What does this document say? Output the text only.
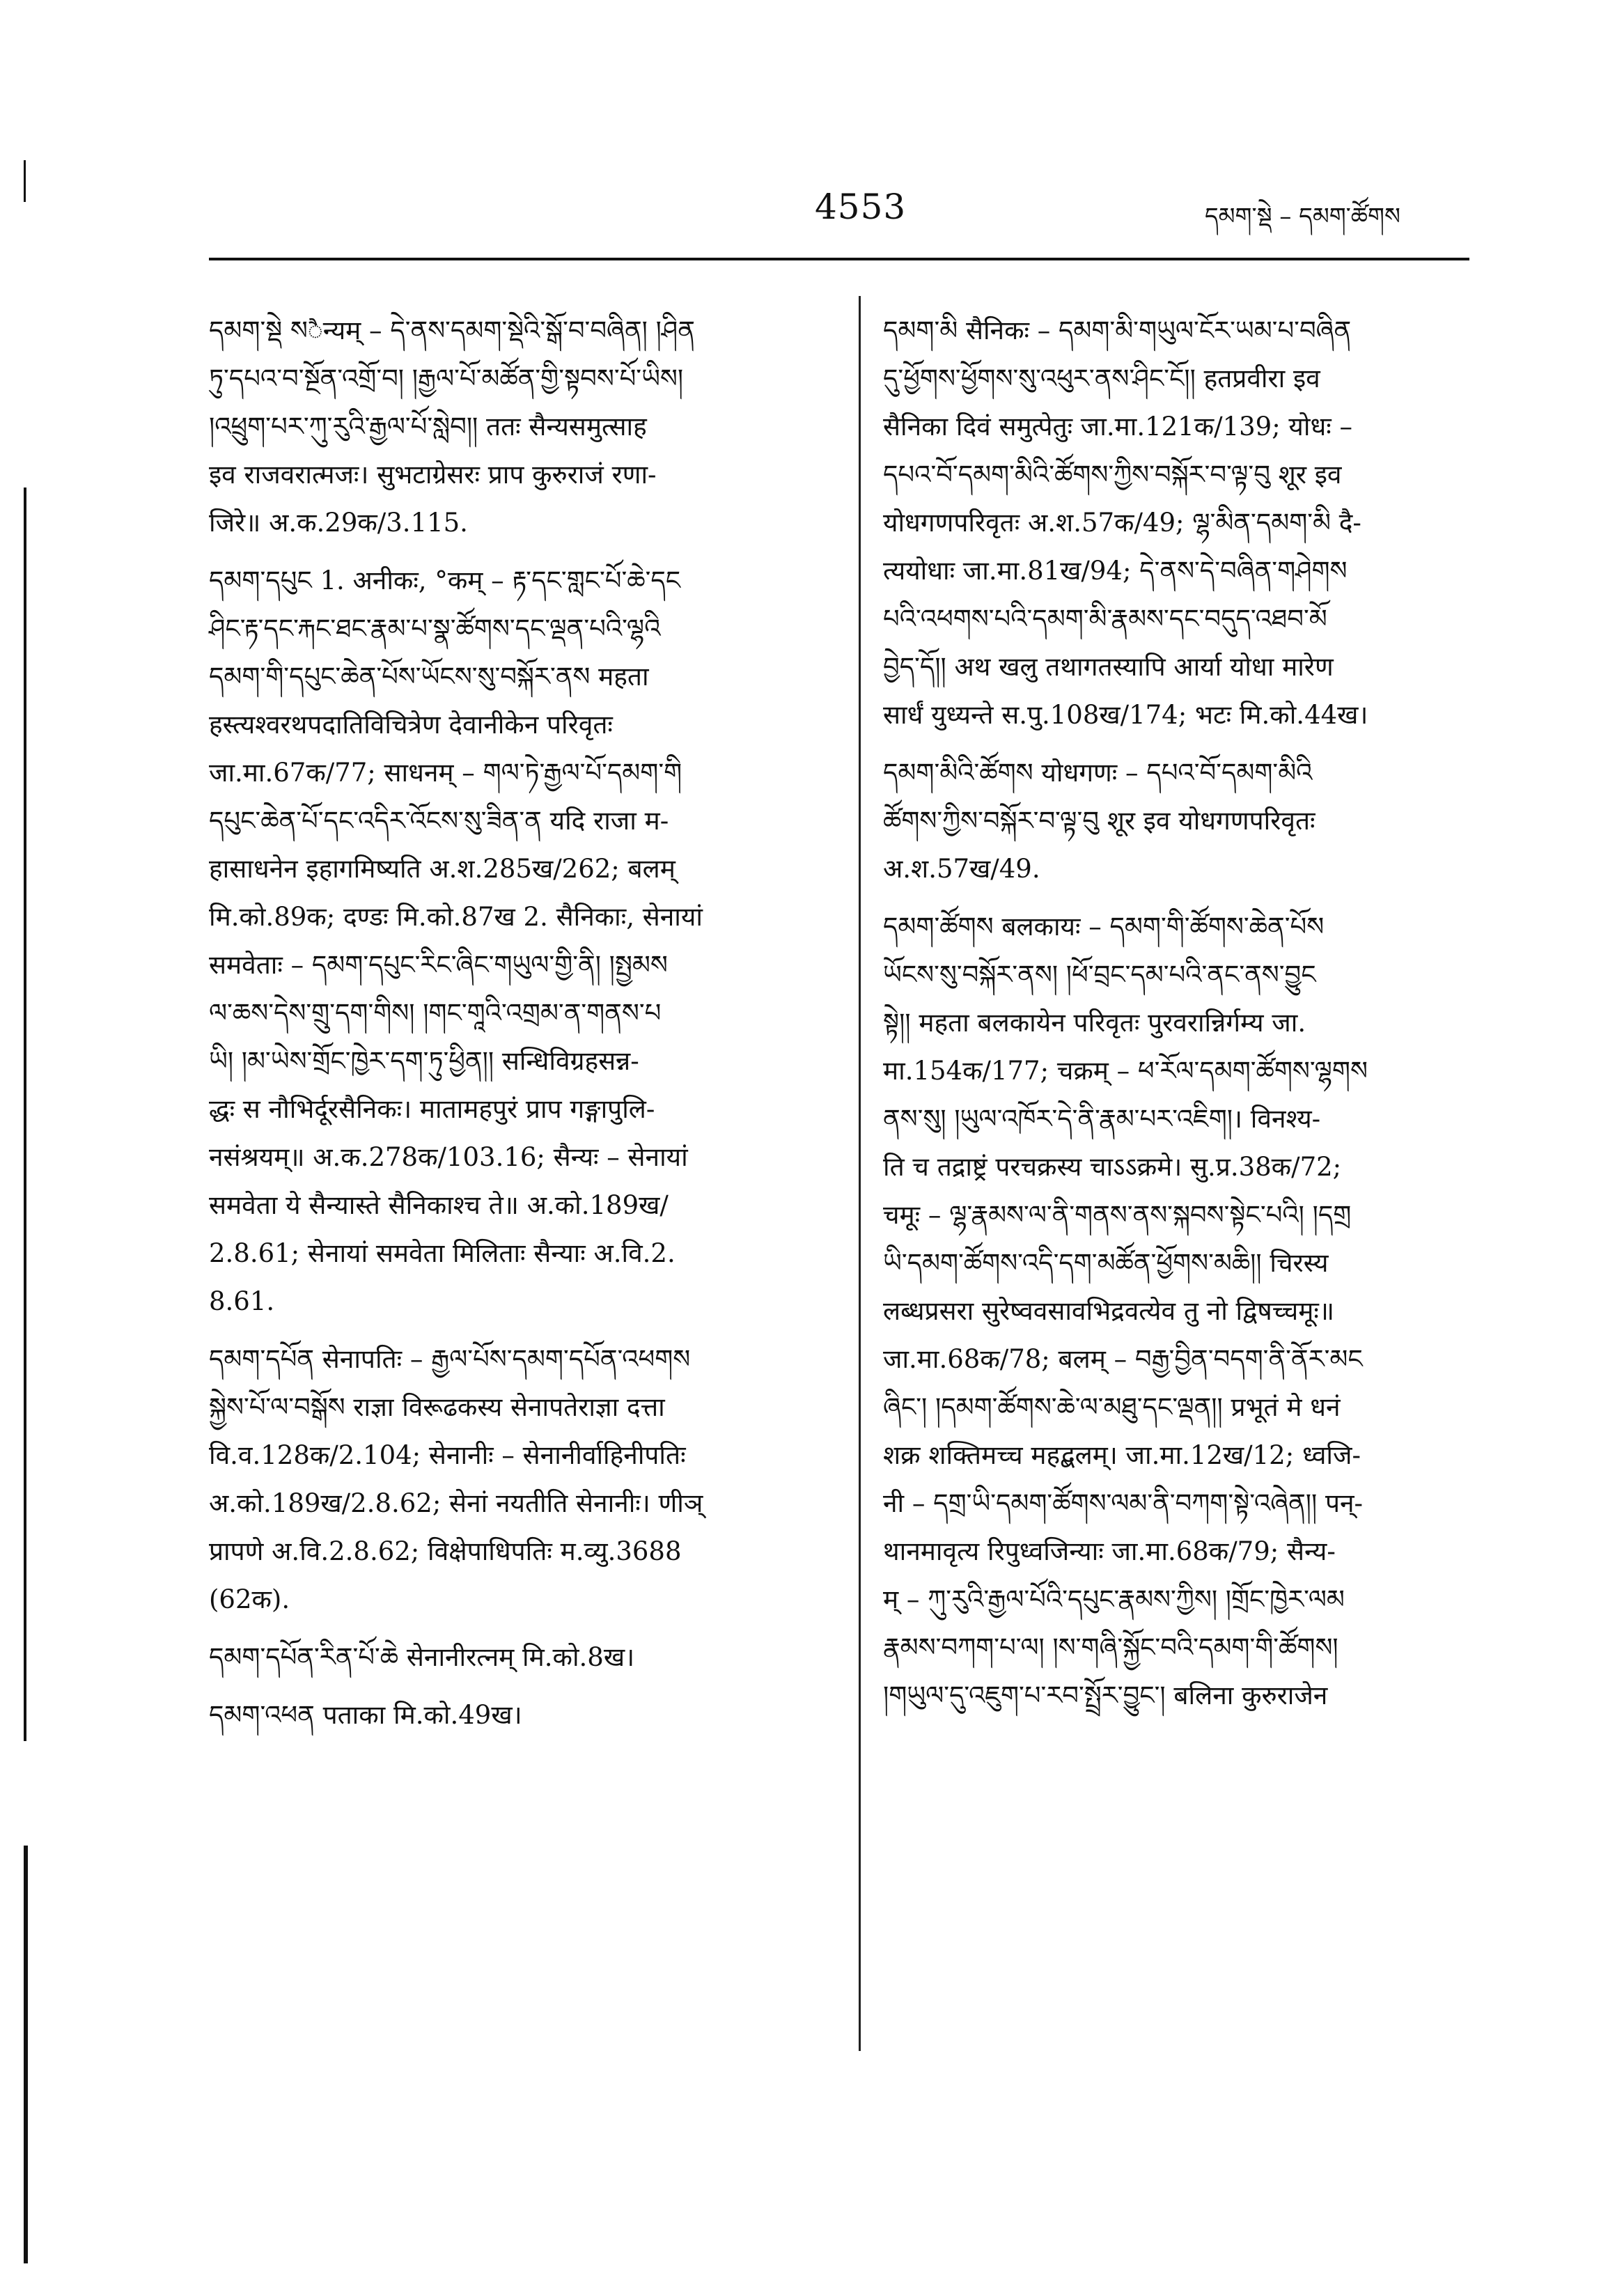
4553	དམག་སྡེ – དམག་ཚོགས
དམག་སྡེ སैन्यम् – དེ་ནས་དམག་སྡེའི་སྒོ་བ་བཞིན། །ཤིན
ཏུ་དཔའ་བ་སྔོན་འགྲོ་བ། །རྒྱལ་པོ་མཚོན་གྱི་སྟབས་པོ་ཡིས།
།འཕྲུག་པར་ཀུ་རུའི་རྒྱལ་པོ་སླེབ།། ततः सैन्यसमुत्साह
इव राजवरात्मजः। सुभटाग्रेसरः प्राप कुरुराजं रणा-
जिरे॥ अ.क.29क/3.115.
དམག་དཔུང 1. अनीकः, °कम् – རྟ་དང་གླང་པོ་ཆེ་དང
ཤིང་རྟ་དང་རྐང་ཐང་རྣམ་པ་སྣ་ཚོགས་དང་ལྡན་པའི་ལྷའི
དམག་གི་དཔུང་ཆེན་པོས་ཡོངས་སུ་བསྐོར་ནས महता
हस्त्यश्वरथपदातिविचित्रेण देवानीकेन परिवृतः
जा.मा.67क/77; साधनम् – གལ་ཏེ་རྒྱལ་པོ་དམག་གི
དཔུང་ཆེན་པོ་དང་འདིར་འོངས་སུ་ཟིན་ན यदि राजा म-
हासाधनेन इहागमिष्यति अ.श.285ख/262; बलम्
मि.को.89क; दण्डः मि.को.87ख 2. सैनिकाः, सेनायां
समवेताः – དམག་དཔུང་རིང་ཞིང་གཡུལ་གྱི་ནི། །སྤྱམས
ལ་ཆས་དེས་གྲུ་དག་གིས། །གང་གཱའི་འགྲམ་ན་གནས་པ
ཡི། །མ་ཡེས་གྲོང་ཁྱེར་དག་ཏུ་ཕྱིན།། सन्धिविग्रहसन्न-
द्धः स नौभिर्दूरसैनिकः। मातामहपुरं प्राप गङ्गापुलि-
नसंश्रयम्॥ अ.क.278क/103.16; सैन्यः – सेनायां
समवेता ये सैन्यास्ते सैनिकाश्च ते॥ अ.को.189ख/
2.8.61; सेनायां समवेता मिलिताः सैन्याः अ.वि.2.
8.61.
དམག་དཔོན सेनापतिः – རྒྱལ་པོས་དམག་དཔོན་འཕགས
སྐྱེས་པོ་ལ་བསྒོས राज्ञा विरूढकस्य सेनापतेराज्ञा दत्ता
वि.व.128क/2.104; सेनानीः – सेनानीर्वाहिनीपतिः
अ.को.189ख/2.8.62; सेनां नयतीति सेनानीः। णीञ्
प्रापणे अ.वि.2.8.62; विक्षेपाधिपतिः म.व्यु.3688
(62क).
དམག་དཔོན་རིན་པོ་ཆེ सेनानीरत्नम् मि.को.8ख।
དམག་འཕན पताका मि.को.49ख।
དམག་མི सैनिकः – དམག་མི་གཡུལ་ངོར་ཡམ་པ་བཞིན
དུ་ཕྱོགས་ཕྱོགས་སུ་འཕུར་ནས་ཤིང་ངོ།། हतप्रवीरा इव
सैनिका दिवं समुत्पेतुः जा.मा.121क/139; योधः –
དཔའ་བོ་དམག་མིའི་ཚོགས་ཀྱིས་བསྐོར་བ་ལྟ་བུ शूर इव
योधगणपरिवृतः अ.श.57क/49; ལྷ་མིན་དམག་མི दै-
त्ययोधाः जा.मा.81ख/94; དེ་ནས་དེ་བཞིན་གཤེགས
པའི་འཕགས་པའི་དམག་མི་རྣམས་དང་བདུད་འཐབ་མོ
བྱེད་དོ།། अथ खलु तथागतस्यापि आर्या योधा मारेण
सार्धं युध्यन्ते स.पु.108ख/174; भटः मि.को.44ख।
དམག་མིའི་ཚོགས योधगणः – དཔའ་བོ་དམག་མིའི
ཚོགས་ཀྱིས་བསྐོར་བ་ལྟ་བུ शूर इव योधगणपरिवृतः
अ.श.57ख/49.
དམག་ཚོགས बलकायः – དམག་གི་ཚོགས་ཆེན་པོས
ཡོངས་སུ་བསྐོར་ནས། །ཕོ་བྲང་དམ་པའི་ནང་ནས་བྱུང
སྟེ།། महता बलकायेन परिवृतः पुरवरान्निर्गम्य जा.
मा.154क/177; चक्रम् – ཕ་རོལ་དམག་ཚོགས་ལྷགས
ནས་སུ། །ཡུལ་འཁོར་དེ་ནི་རྣམ་པར་འཇིག།। विनश्य-
ति च तद्राष्ट्रं परचक्रस्य चाऽऽक्रमे। सु.प्र.38क/72;
चमूः – ལྷ་རྣམས་ལ་ནི་གནས་ནས་སྐབས་སྟེང་པའི། །དགྲ
ཡི་དམག་ཚོགས་འདི་དག་མཚོན་ཕྱོགས་མཆི།། चिरस्य
लब्धप्रसरा सुरेष्ववसावभिद्रवत्येव तु नो द्विषच्चमूः॥
जा.मा.68क/78; बलम् – བརྒྱ་བྱིན་བདག་ནི་ནོར་མང
ཞིང་། །དམག་ཚོགས་ཆེ་ལ་མཐུ་དང་ལྡན།། प्रभूतं मे धनं
शक्र शक्तिमच्च महद्बलम्। जा.मा.12ख/12; ध्वजि-
नी – དགྲ་ཡི་དམག་ཚོགས་ལམ་ནི་བཀག་སྟེ་འཞེན།། पन्-
थानमावृत्य रिपुध्वजिन्याः जा.मा.68क/79; सैन्य-
म् – ཀུ་རུའི་རྒྱལ་པོའི་དཔུང་རྣམས་ཀྱིས། །གྲོང་ཁྱེར་ལམ
རྣམས་བཀག་པ་ལ། །ས་གཞི་སྐྱོང་བའི་དམག་གི་ཚོགས།
།གཡུལ་དུ་འཇུག་པ་རབ་སྤྲོར་བྱུང་། बलिना कुरुराजेन
